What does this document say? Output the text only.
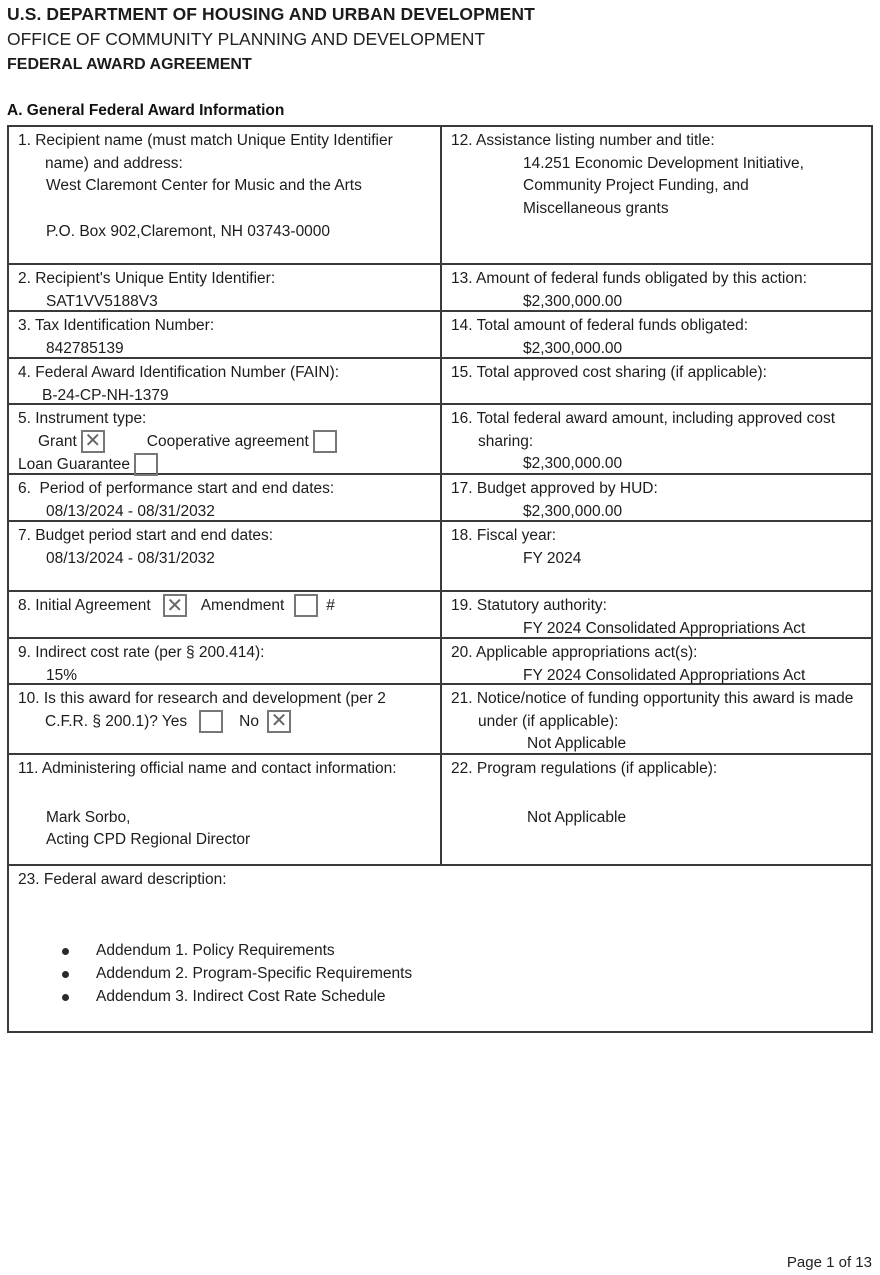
U.S. DEPARTMENT OF HOUSING AND URBAN DEVELOPMENT
OFFICE OF COMMUNITY PLANNING AND DEVELOPMENT
FEDERAL AWARD AGREEMENT
A. General Federal Award Information
1. Recipient name (must match Unique Entity Identifier name) and address:
West Claremont Center for Music and the Arts
P.O. Box 902,Claremont, NH 03743-0000
12. Assistance listing number and title:
14.251 Economic Development Initiative,
Community Project Funding, and
Miscellaneous grants
2. Recipient's Unique Entity Identifier:
SAT1VV5188V3
13. Amount of federal funds obligated by this action:
$2,300,000.00
3. Tax Identification Number:
842785139
14. Total amount of federal funds obligated:
$2,300,000.00
4. Federal Award Identification Number (FAIN):
B-24-CP-NH-1379
15. Total approved cost sharing (if applicable):
5. Instrument type:
Grant ✕	Cooperative agreement
Loan Guarantee
16. Total federal award amount, including approved cost sharing:
$2,300,000.00
6.  Period of performance start and end dates:
08/13/2024 - 08/31/2032
17. Budget approved by HUD:
$2,300,000.00
7. Budget period start and end dates:
08/13/2024 - 08/31/2032
18. Fiscal year:
FY 2024
8. Initial Agreement ✕ Amendment	#	19. Statutory authority:
FY 2024 Consolidated Appropriations Act
9. Indirect cost rate (per § 200.414):
15%
20. Applicable appropriations act(s):
FY 2024 Consolidated Appropriations Act
10. Is this award for research and development (per 2
C.F.R. § 200.1)? Yes	No ✕
21. Notice/notice of funding opportunity this award is made under (if applicable):
Not Applicable
11. Administering official name and contact information:
Mark Sorbo,
Acting CPD Regional Director
22. Program regulations (if applicable):
Not Applicable
23. Federal award description:
Addendum 1. Policy Requirements
Addendum 2. Program-Specific Requirements
Addendum 3. Indirect Cost Rate Schedule
Page 1 of 13
